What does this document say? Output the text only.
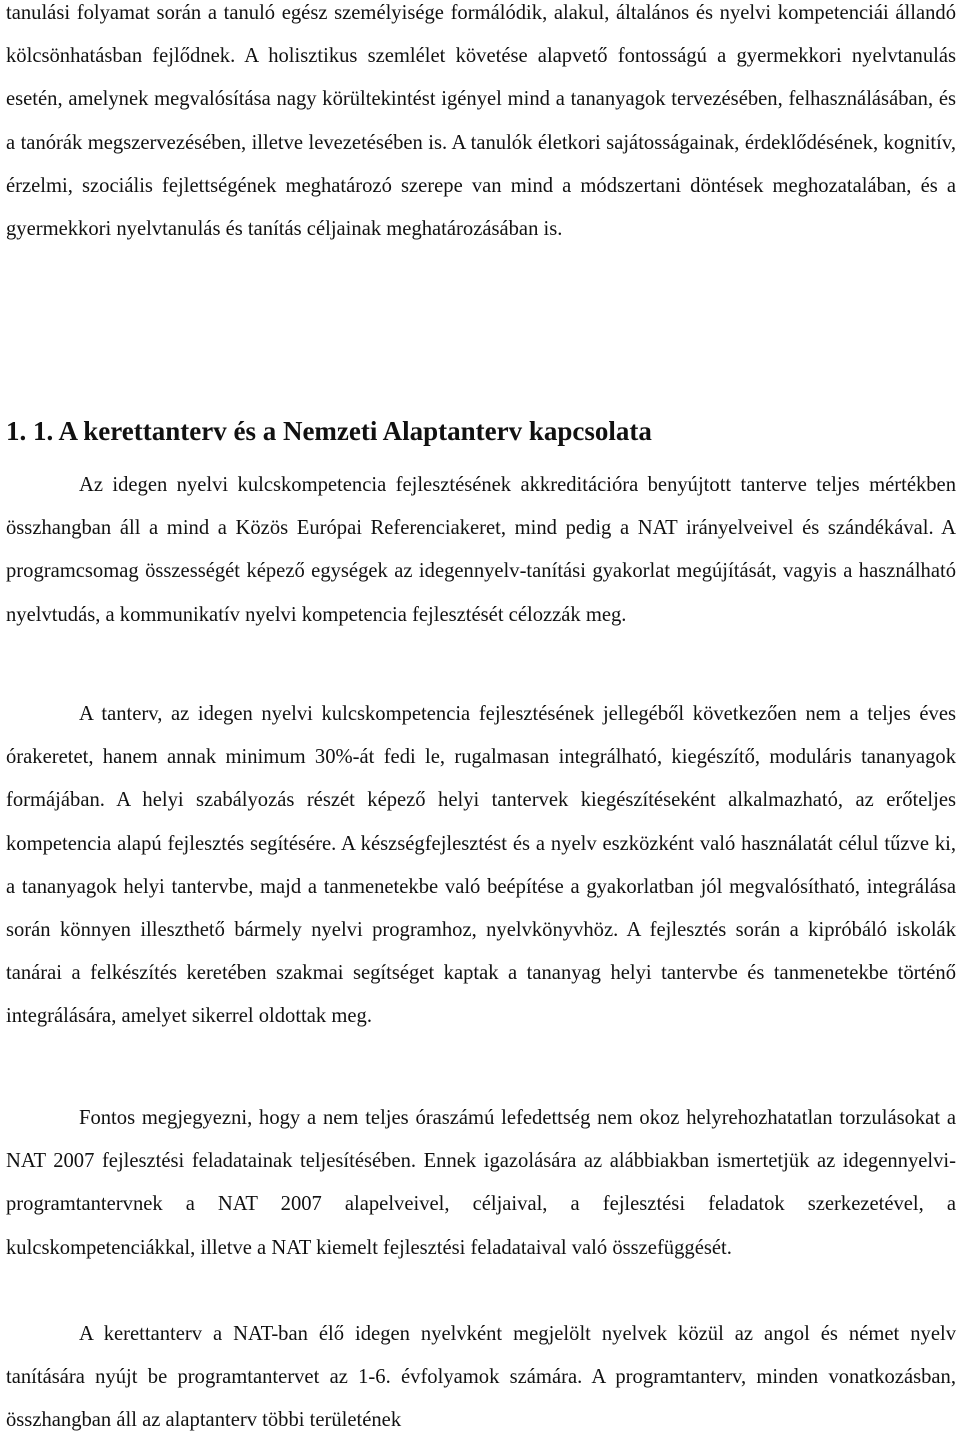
tanulási folyamat során a tanuló egész személyisége formálódik, alakul, általános és nyelvi kompetenciái állandó kölcsönhatásban fejlődnek. A holisztikus szemlélet követése alapvető fontosságú a gyermekkori nyelvtanulás esetén, amelynek megvalósítása nagy körültekintést igényel mind a tananyagok tervezésében, felhasználásában, és a tanórák megszervezésében, illetve levezetésében is. A tanulók életkori sajátosságainak, érdeklődésének, kognitív, érzelmi, szociális fejlettségének meghatározó szerepe van mind a módszertani döntések meghozatalában, és a gyermekkori nyelvtanulás és tanítás céljainak meghatározásában is.

1. 1. A kerettanterv és a Nemzeti Alaptanterv kapcsolata

Az idegen nyelvi kulcskompetencia fejlesztésének akkreditációra benyújtott tanterve teljes mértékben összhangban áll a mind a Közös Európai Referenciakeret, mind pedig a NAT irányelveivel és szándékával. A programcsomag összességét képező egységek az idegennyelv-tanítási gyakorlat megújítását, vagyis a használható nyelvtudás, a kommunikatív nyelvi kompetencia fejlesztését célozzák meg.

A tanterv, az idegen nyelvi kulcskompetencia fejlesztésének jellegéből következően nem a teljes éves órakeretet, hanem annak minimum 30%-át fedi le, rugalmasan integrálható, kiegészítő, moduláris tananyagok formájában. A helyi szabályozás részét képező helyi tantervek kiegészítéseként alkalmazható, az erőteljes kompetencia alapú fejlesztés segítésére. A készségfejlesztést és a nyelv eszközként való használatát célul tűzve ki, a tananyagok helyi tantervbe, majd a tanmenetekbe való beépítése a gyakorlatban jól megvalósítható, integrálása során könnyen illeszthető bármely nyelvi programhoz, nyelvkönyvhöz. A fejlesztés során a kipróbáló iskolák tanárai a felkészítés keretében szakmai segítséget kaptak a tananyag helyi tantervbe és tanmenetekbe történő integrálására, amelyet sikerrel oldottak meg.

Fontos megjegyezni, hogy a nem teljes óraszámú lefedettség nem okoz helyrehozhatatlan torzulásokat a NAT 2007 fejlesztési feladatainak teljesítésében. Ennek igazolására az alábbiakban ismertetjük az idegennyelvi-programtantervnek a NAT 2007 alapelveivel, céljaival, a fejlesztési feladatok szerkezetével, a kulcskompetenciákkal, illetve a NAT kiemelt fejlesztési feladataival való összefüggését.

A kerettanterv a NAT-ban élő idegen nyelvként megjelölt nyelvek közül az angol és német nyelv tanítására nyújt be programtantervet az 1-6. évfolyamok számára. A programtanterv, minden vonatkozásban, összhangban áll az alaptanterv többi területének
